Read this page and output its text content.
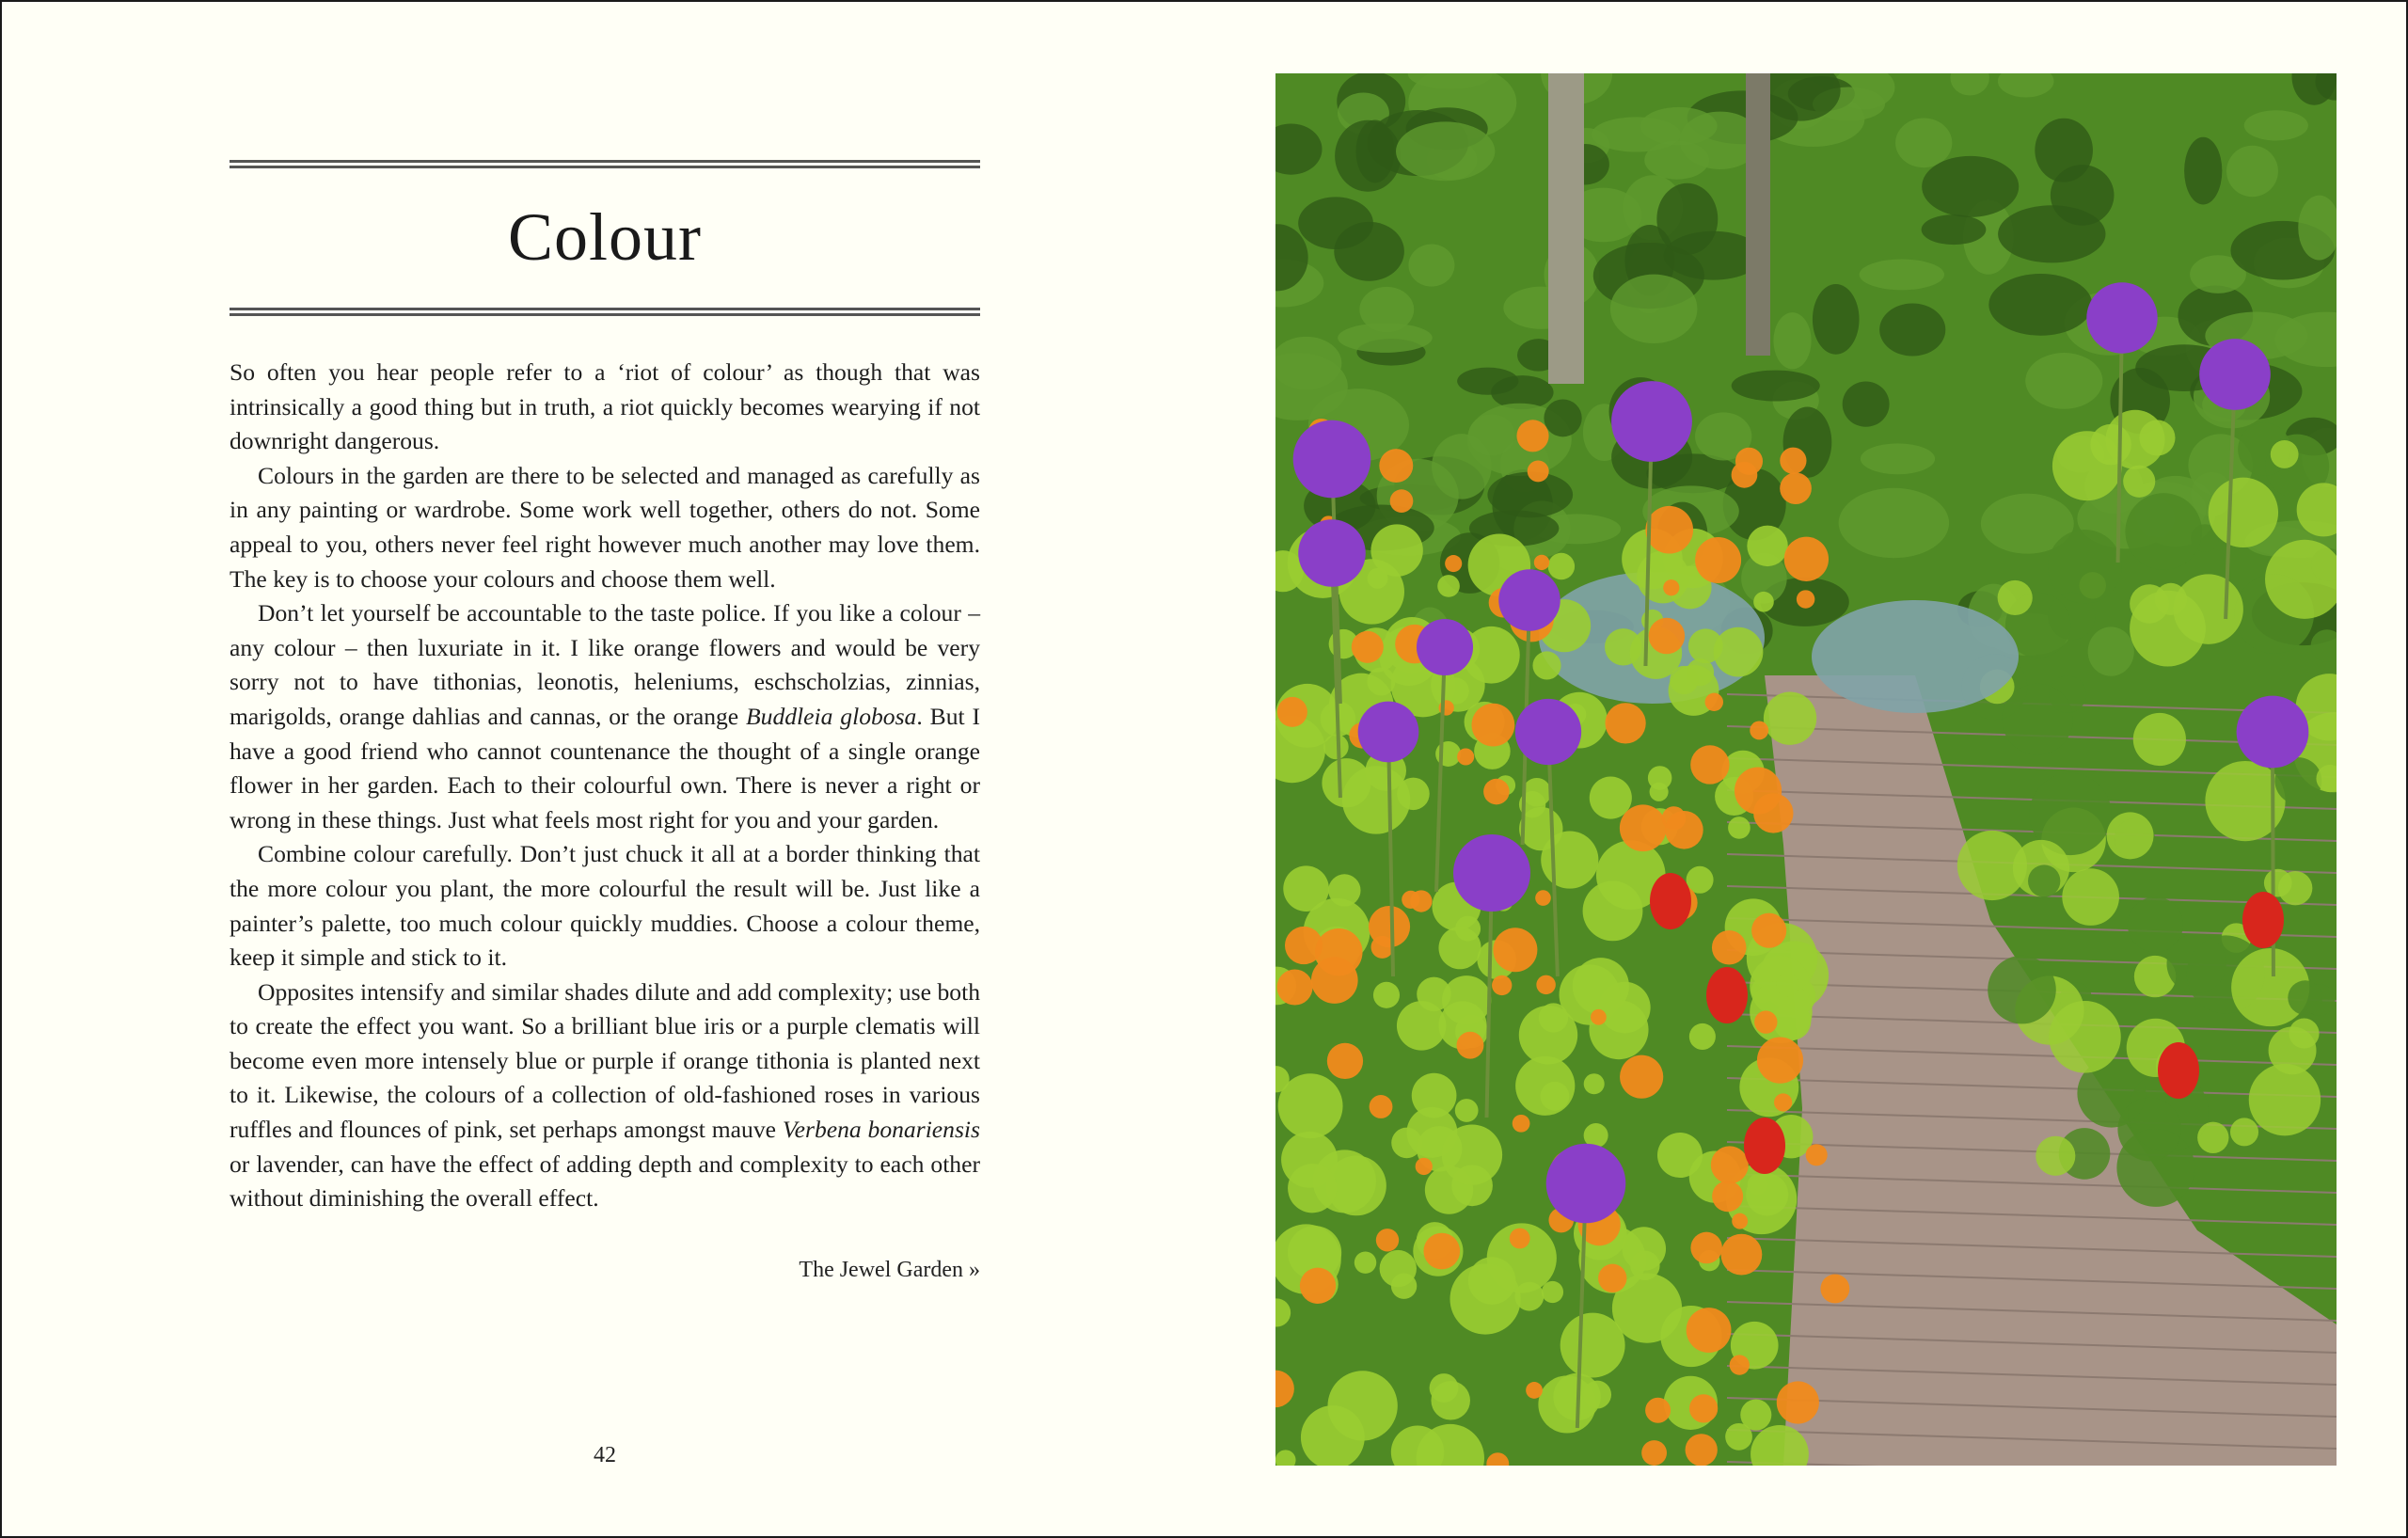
Colour

So often you hear people refer to a ‘riot of colour’ as though that was intrinsically a good thing but in truth, a riot quickly becomes wearying if not downright dangerous.

Colours in the garden are there to be selected and managed as carefully as in any painting or wardrobe. Some work well together, others do not. Some appeal to you, others never feel right however much another may love them. The key is to choose your colours and choose them well.

Don’t let yourself be accountable to the taste police. If you like a colour – any colour – then luxuriate in it. I like orange flowers and would be very sorry not to have tithonias, leonotis, heleniums, eschscholzias, zinnias, marigolds, orange dahlias and cannas, or the orange Buddleia globosa. But I have a good friend who cannot countenance the thought of a single orange flower in her garden. Each to their colourful own. There is never a right or wrong in these things. Just what feels most right for you and your garden.

Combine colour carefully. Don’t just chuck it all at a border thinking that the more colour you plant, the more colourful the result will be. Just like a painter’s palette, too much colour quickly muddies. Choose a colour theme, keep it simple and stick to it.

Opposites intensify and similar shades dilute and add complexity; use both to create the effect you want. So a brilliant blue iris or a purple clematis will become even more intensely blue or purple if orange tithonia is planted next to it. Likewise, the colours of a collection of old-fashioned roses in various ruffles and flounces of pink, set perhaps amongst mauve Verbena bonariensis or lavender, can have the effect of adding depth and complexity to each other without diminishing the overall effect.

The Jewel Garden »
42
